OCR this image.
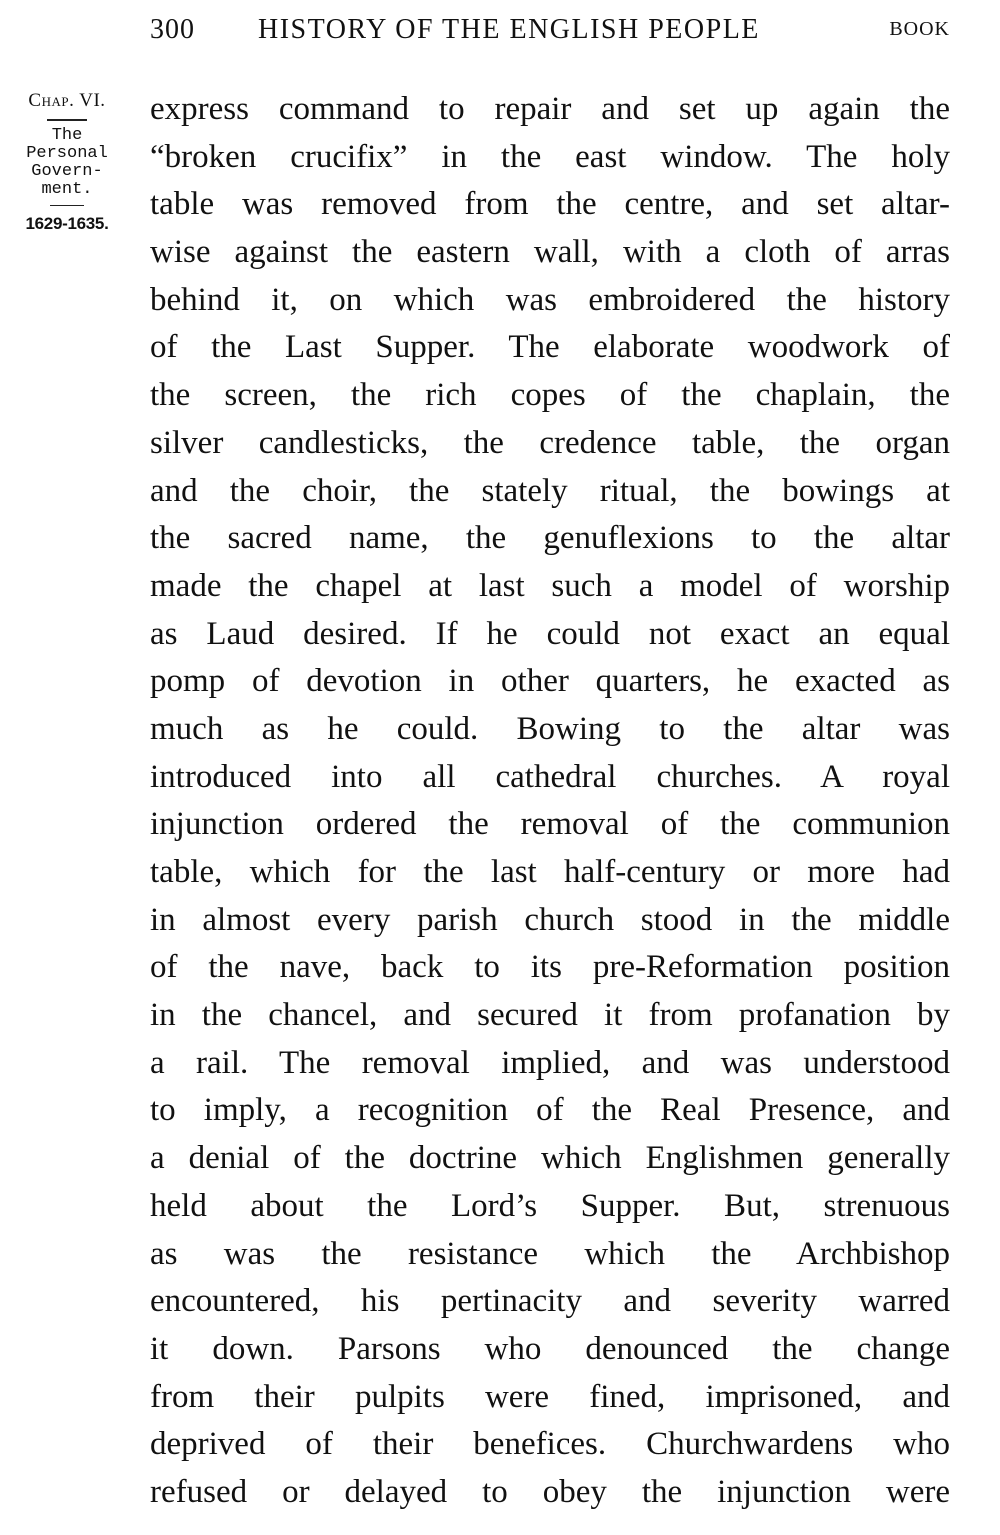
300 HISTORY OF THE ENGLISH PEOPLE	BOOK
Chap. VI.
The
Personal
Govern-
ment.
1629-1635.
express command to repair and set up again the
“broken crucifix” in the east window. The holy
table was removed from the centre, and set altar-
wise against the eastern wall, with a cloth of arras
behind it, on which was embroidered the history
of the Last Supper. The elaborate woodwork of
the screen, the rich copes of the chaplain, the
silver candlesticks, the credence table, the organ
and the choir, the stately ritual, the bowings at
the sacred name, the genuflexions to the altar
made the chapel at last such a model of worship
as Laud desired. If he could not exact an equal
pomp of devotion in other quarters, he exacted as
much as he could. Bowing to the altar was
introduced into all cathedral churches. A royal
injunction ordered the removal of the communion
table, which for the last half-century or more had
in almost every parish church stood in the middle
of the nave, back to its pre-Reformation position
in the chancel, and secured it from profanation by
a rail. The removal implied, and was understood
to imply, a recognition of the Real Presence, and
a denial of the doctrine which Englishmen generally
held about the Lord’s Supper. But, strenuous
as was the resistance which the Archbishop
encountered, his pertinacity and severity warred
it down. Parsons who denounced the change
from their pulpits were fined, imprisoned, and
deprived of their benefices. Churchwardens who
refused or delayed to obey the injunction were
